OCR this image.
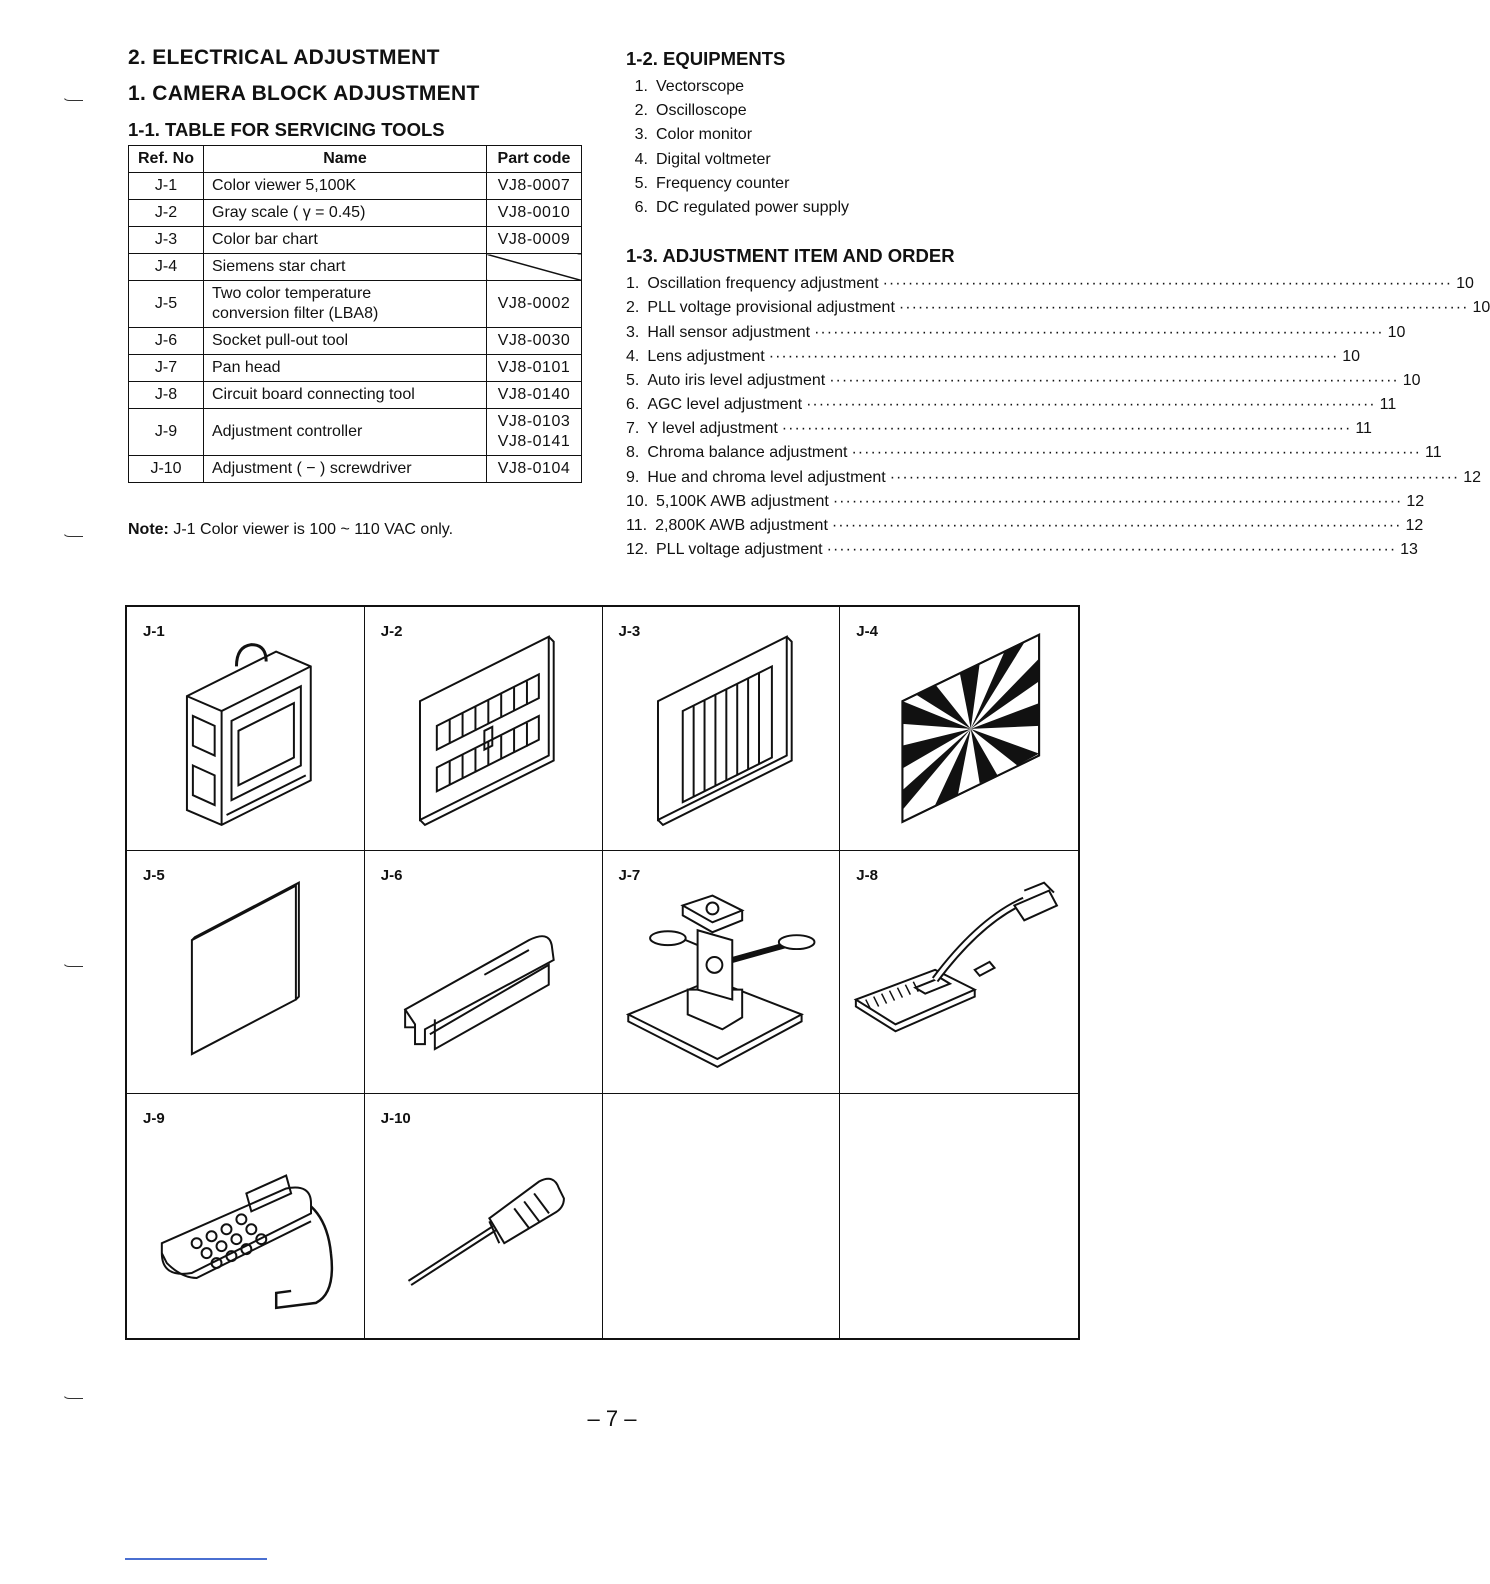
2. ELECTRICAL ADJUSTMENT
1. CAMERA BLOCK ADJUSTMENT
1-1. TABLE FOR SERVICING TOOLS
Ref. No	Name	Part code
J-1	Color viewer 5,100K	VJ8-0007
J-2	Gray scale ( γ = 0.45)	VJ8-0010
J-3	Color bar chart	VJ8-0009
J-4	Siemens star chart	
J-5	Two color temperature
conversion filter (LBA8)	VJ8-0002
J-6	Socket pull-out tool	VJ8-0030
J-7	Pan head	VJ8-0101
J-8	Circuit board connecting tool	VJ8-0140
J-9	Adjustment controller	VJ8-0103
VJ8-0141
J-10	Adjustment ( − ) screwdriver	VJ8-0104
Note: J-1 Color viewer is 100 ~ 110 VAC only.
1-2. EQUIPMENTS
1. Vectorscope
2. Oscilloscope
3. Color monitor
4. Digital voltmeter
5. Frequency counter
6. DC regulated power supply
1-3. ADJUSTMENT ITEM AND ORDER
1. Oscillation frequency adjustment ·························································································· 10
2. PLL voltage provisional adjustment ·························································································· 10
3. Hall sensor adjustment ·························································································· 10
4. Lens adjustment ·························································································· 10
5. Auto iris level adjustment ·························································································· 10
6. AGC level adjustment ·························································································· 11
7. Y level adjustment ·························································································· 11
8. Chroma balance adjustment ·························································································· 11
9. Hue and chroma level adjustment ·························································································· 12
10. 5,100K AWB adjustment ·························································································· 12
11. 2,800K AWB adjustment ·························································································· 12
12. PLL voltage adjustment ·························································································· 13
J-1	J-2	J-3	J-4
J-5	J-6	J-7	J-8
J-9	J-10
– 7 –
